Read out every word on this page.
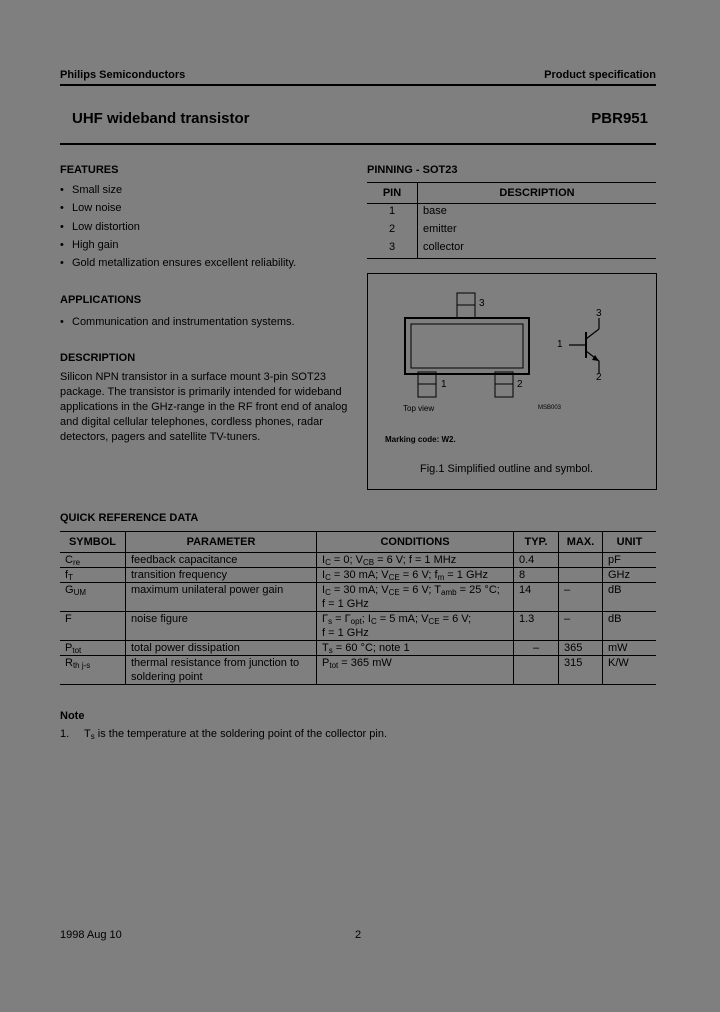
Philips Semiconductors	Product specification
UHF wideband transistor	PBR951
FEATURES
• Small size
• Low noise
• Low distortion
• High gain
• Gold metallization ensures excellent reliability.
APPLICATIONS
• Communication and instrumentation systems.
DESCRIPTION
Silicon NPN transistor in a surface mount 3-pin SOT23
package. The transistor is primarily intended for wideband
applications in the GHz-range in the RF front end of analog
and digital cellular telephones, cordless phones, radar
detectors, pagers and satellite TV-tuners.
PINNING - SOT23
PIN	DESCRIPTION
1	base
2	emitter
3	collector
3
1	2
1
2
3
Top view	MSB003
Marking code: W2.
Fig.1 Simplified outline and symbol.
QUICK REFERENCE DATA
SYMBOL	PARAMETER	CONDITIONS	TYP.	MAX.	UNIT
$C_{re}$	feedback capacitance	$I_C = 0$; $V_{CB} = 6$ V; f = 1 MHz	0.4		pF
$f_T$	transition frequency	$I_C = 30$ mA; $V_{CE} = 6$ V; $f_m = 1$ GHz	8		GHz
$G_{UM}$	maximum unilateral power gain	$I_C = 30$ mA; $V_{CE} = 6$ V; $T_{amb} = 25$ °C;
f = 1 GHz	14	–	dB
F	noise figure	$\Gamma_s = \Gamma_{opt}$; $I_C = 5$ mA; $V_{CE} = 6$ V;
f = 1 GHz	1.3	–	dB
$P_{tot}$	total power dissipation	$T_s = 60$ °C; note 1	–	365	mW
$R_{th j-s}$	thermal resistance from junction to
soldering point	$P_{tot} = 365$ mW		315	K/W
Note
1. $T_s$ is the temperature at the soldering point of the collector pin.
1998 Aug 10	2
